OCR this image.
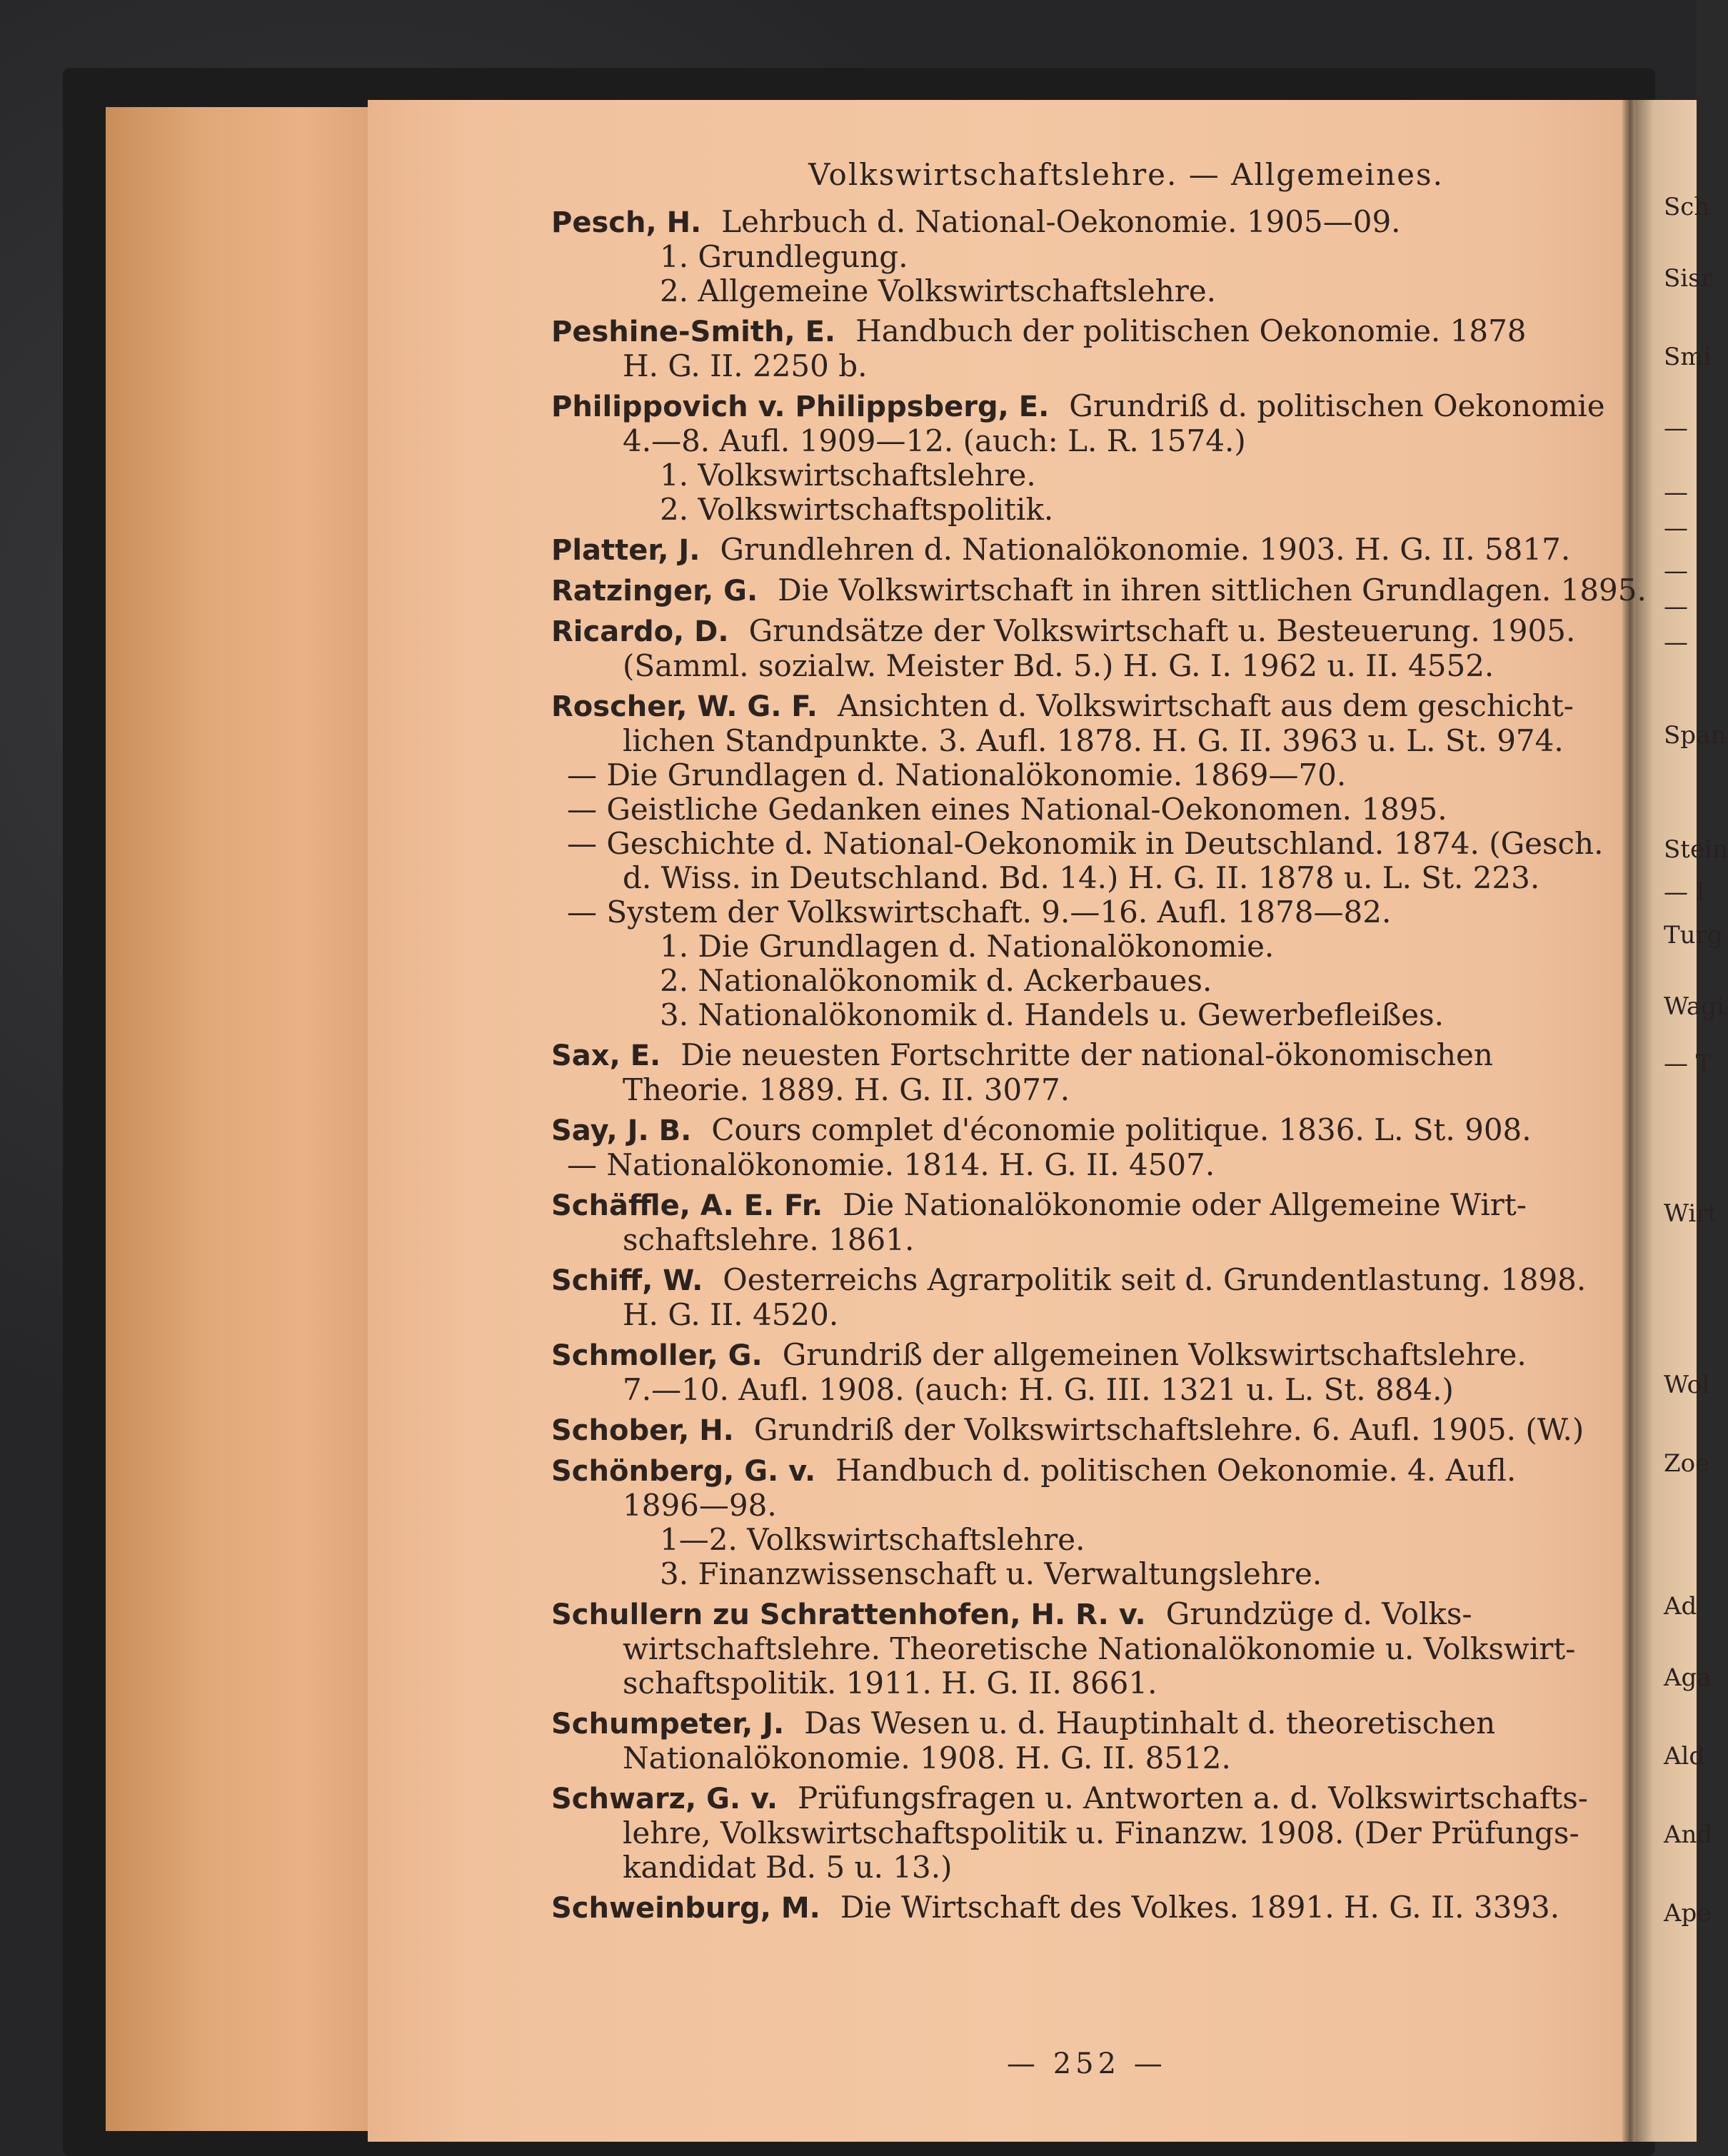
Sch
Sisr
Smi
—
—
—
—
—
—
Span
Stein
— I
Turg
Wagi
— T
Wirt
Wol
Zoe
Ad
Aga
Ald
And
Ape
Volkswirtschaftslehre. — Allgemeines.
Pesch, H. Lehrbuch d. National-Oekonomie. 1905—09.
1. Grundlegung.
2. Allgemeine Volkswirtschaftslehre.
Peshine-Smith, E. Handbuch der politischen Oekonomie. 1878
H. G. II. 2250 b.
Philippovich v. Philippsberg, E. Grundriß d. politischen Oekonomie
4.—8. Aufl. 1909—12. (auch: L. R. 1574.)
1. Volkswirtschaftslehre.
2. Volkswirtschaftspolitik.
Platter, J. Grundlehren d. Nationalökonomie. 1903. H. G. II. 5817.
Ratzinger, G. Die Volkswirtschaft in ihren sittlichen Grundlagen. 1895.
Ricardo, D. Grundsätze der Volkswirtschaft u. Besteuerung. 1905.
(Samml. sozialw. Meister Bd. 5.) H. G. I. 1962 u. II. 4552.
Roscher, W. G. F. Ansichten d. Volkswirtschaft aus dem geschicht-
lichen Standpunkte. 3. Aufl. 1878. H. G. II. 3963 u. L. St. 974.
— Die Grundlagen d. Nationalökonomie. 1869—70.
— Geistliche Gedanken eines National-Oekonomen. 1895.
— Geschichte d. National-Oekonomik in Deutschland. 1874. (Gesch.
d. Wiss. in Deutschland. Bd. 14.) H. G. II. 1878 u. L. St. 223.
— System der Volkswirtschaft. 9.—16. Aufl. 1878—82.
1. Die Grundlagen d. Nationalökonomie.
2. Nationalökonomik d. Ackerbaues.
3. Nationalökonomik d. Handels u. Gewerbefleißes.
Sax, E. Die neuesten Fortschritte der national-ökonomischen
Theorie. 1889. H. G. II. 3077.
Say, J. B. Cours complet d'économie politique. 1836. L. St. 908.
— Nationalökonomie. 1814. H. G. II. 4507.
Schäffle, A. E. Fr. Die Nationalökonomie oder Allgemeine Wirt-
schaftslehre. 1861.
Schiff, W. Oesterreichs Agrarpolitik seit d. Grundentlastung. 1898.
H. G. II. 4520.
Schmoller, G. Grundriß der allgemeinen Volkswirtschaftslehre.
7.—10. Aufl. 1908. (auch: H. G. III. 1321 u. L. St. 884.)
Schober, H. Grundriß der Volkswirtschaftslehre. 6. Aufl. 1905. (W.)
Schönberg, G. v. Handbuch d. politischen Oekonomie. 4. Aufl.
1896—98.
1—2. Volkswirtschaftslehre.
3. Finanzwissenschaft u. Verwaltungslehre.
Schullern zu Schrattenhofen, H. R. v. Grundzüge d. Volks-
wirtschaftslehre. Theoretische Nationalökonomie u. Volkswirt-
schaftspolitik. 1911. H. G. II. 8661.
Schumpeter, J. Das Wesen u. d. Hauptinhalt d. theoretischen
Nationalökonomie. 1908. H. G. II. 8512.
Schwarz, G. v. Prüfungsfragen u. Antworten a. d. Volkswirtschafts-
lehre, Volkswirtschaftspolitik u. Finanzw. 1908. (Der Prüfungs-
kandidat Bd. 5 u. 13.)
Schweinburg, M. Die Wirtschaft des Volkes. 1891. H. G. II. 3393.
— 252 —
